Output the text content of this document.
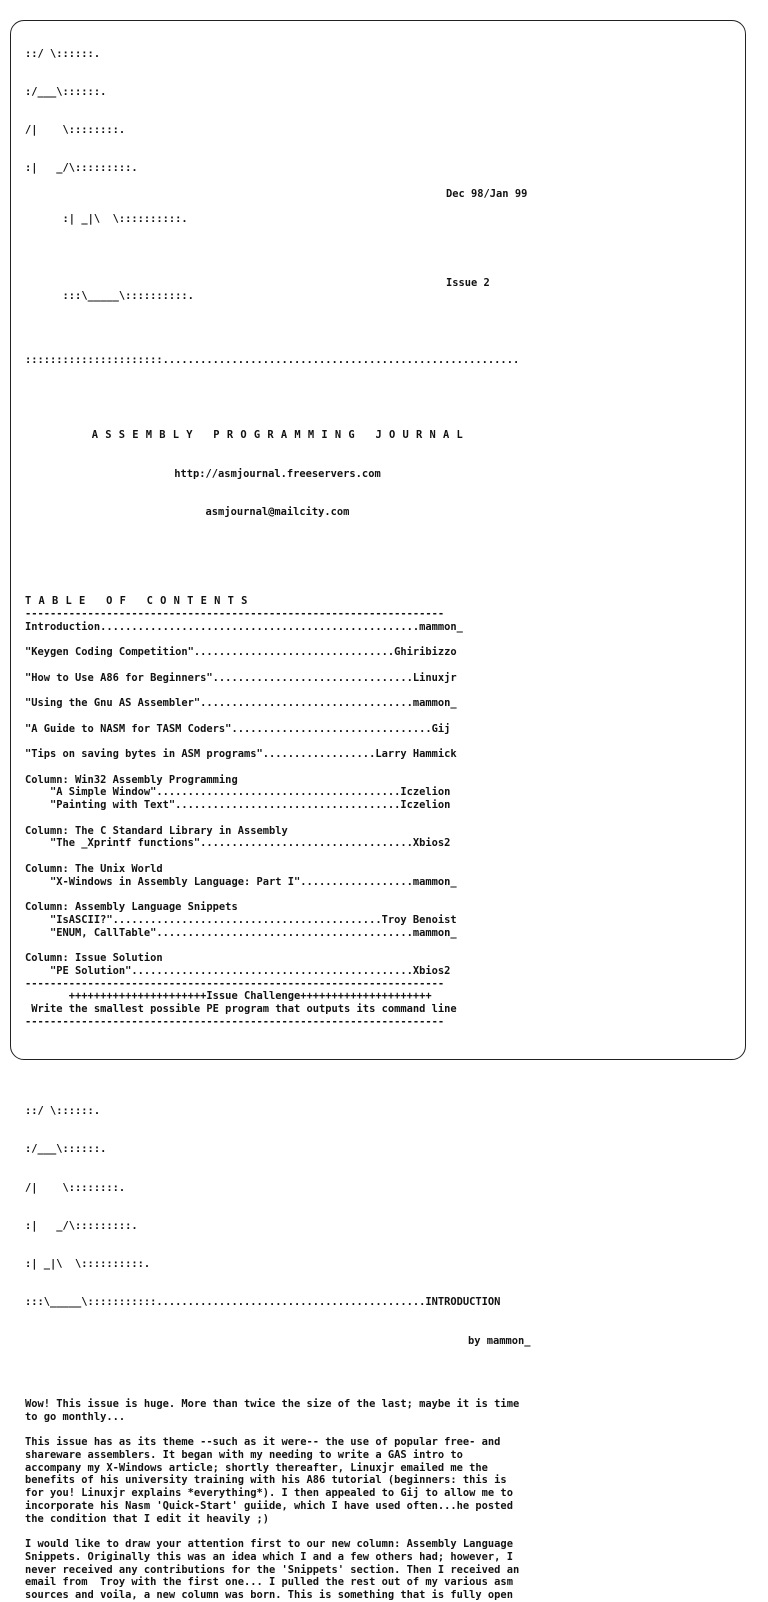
::/ \::::::.

:/___\::::::.

/|    \::::::::.

:|   _/\:::::::::.

:| _|\  \::::::::::.

Dec 98/Jan 99

:::\_____\::::::::::.

Issue 2

::::::::::::::::::::::.........................................................

A S S E M B L Y   P R O G R A M M I N G   J O U R N A L

http://asmjournal.freeservers.com

asmjournal@mailcity.com

T A B L E   O F   C O N T E N T S
-------------------------------------------------------------------
Introduction...................................................mammon_
"Keygen Coding Competition"................................Ghiribizzo
"How to Use A86 for Beginners"................................Linuxjr
"Using the Gnu AS Assembler"..................................mammon_
"A Guide to NASM for TASM Coders"................................Gij
"Tips on saving bytes in ASM programs"..................Larry Hammick
Column: Win32 Assembly Programming
"A Simple Window".......................................Iczelion
"Painting with Text"....................................Iczelion
Column: The C Standard Library in Assembly
"The _Xprintf functions"..................................Xbios2
Column: The Unix World
"X-Windows in Assembly Language: Part I"..................mammon_
Column: Assembly Language Snippets
"IsASCII?"...........................................Troy Benoist
"ENUM, CallTable".........................................mammon_
Column: Issue Solution
"PE Solution".............................................Xbios2
-------------------------------------------------------------------
++++++++++++++++++++++Issue Challenge+++++++++++++++++++++
Write the smallest possible PE program that outputs its command line
-------------------------------------------------------------------

::/ \::::::.

:/___\::::::.

/|    \::::::::.

:|   _/\:::::::::.

:| _|\  \::::::::::.

:::\_____\:::::::::::...........................................INTRODUCTION

by mammon_

Wow! This issue is huge. More than twice the size of the last; maybe it is time
to go monthly...
This issue has as its theme --such as it were-- the use of popular free- and
shareware assemblers. It began with my needing to write a GAS intro to
accompany my X-Windows article; shortly thereafter, Linuxjr emailed me the
benefits of his university training with his A86 tutorial (beginners: this is
for you! Linuxjr explains *everything*). I then appealed to Gij to allow me to
incorporate his Nasm 'Quick-Start' guiide, which I have used often...he posted
the condition that I edit it heavily ;)
I would like to draw your attention first to our new column: Assembly Language
Snippets. Originally this was an idea which I and a few others had; however, I
never received any contributions for the 'Snippets' section. Then I received an
email from  Troy with the first one... I pulled the rest out of my various asm
sources and voila, a new column was born. This is something that is fully open
